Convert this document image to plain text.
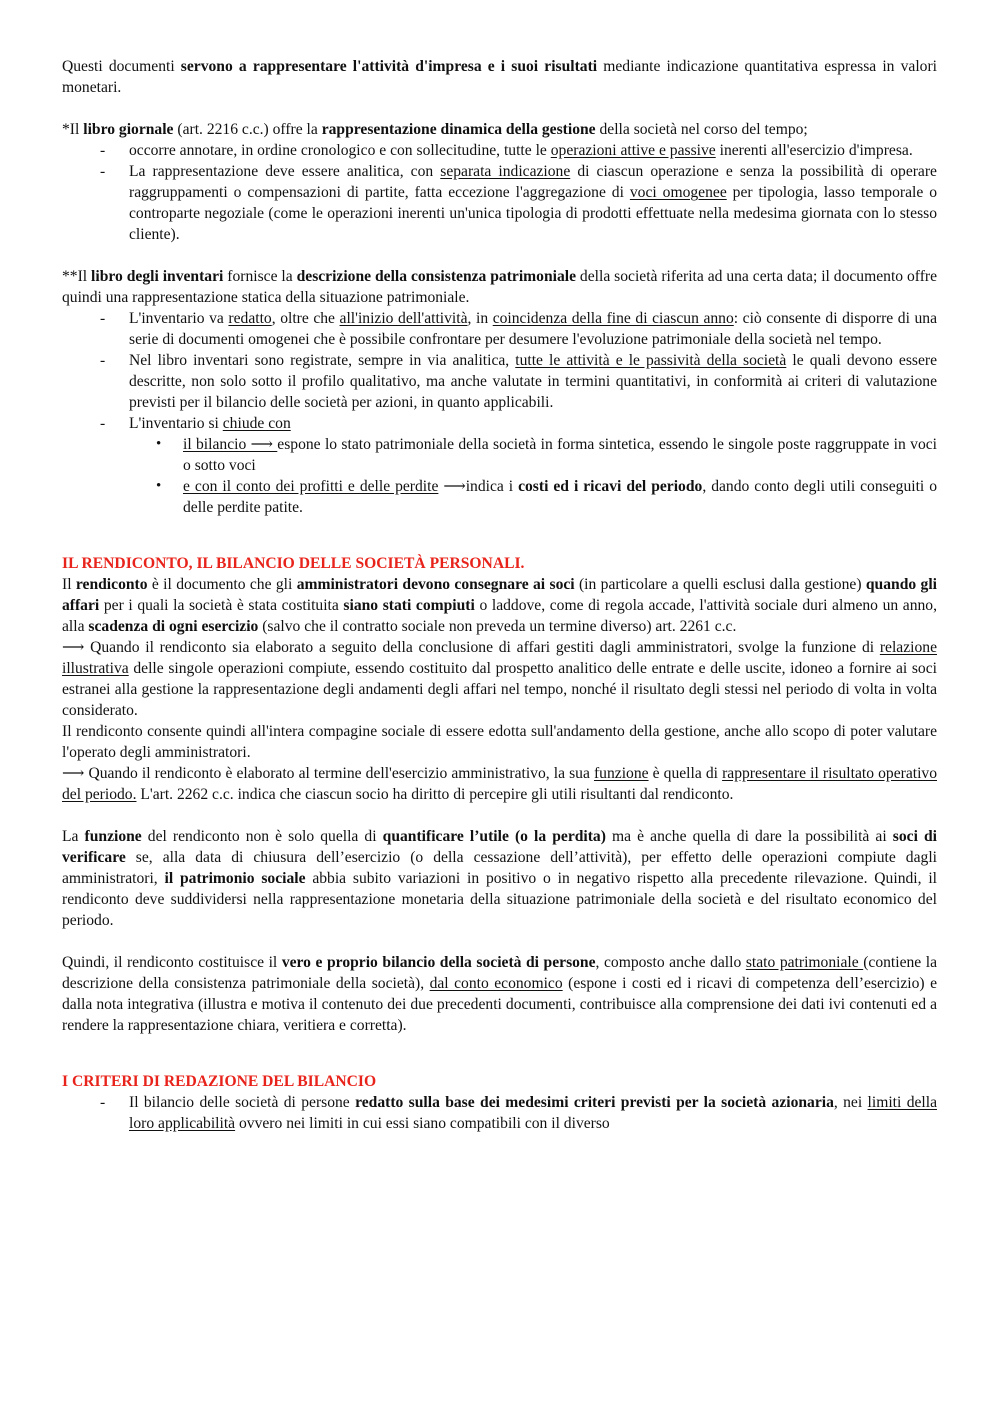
Questi documenti servono a rappresentare l'attività d'impresa e i suoi risultati mediante indicazione quantitativa espressa in valori monetari.

*Il libro giornale (art. 2216 c.c.) offre la rappresentazione dinamica della gestione della società nel corso del tempo;

- occorre annotare, in ordine cronologico e con sollecitudine, tutte le operazioni attive e passive inerenti all'esercizio d'impresa.
- La rappresentazione deve essere analitica, con separata indicazione di ciascun operazione e senza la possibilità di operare raggruppamenti o compensazioni di partite, fatta eccezione l'aggregazione di voci omogenee per tipologia, lasso temporale o controparte negoziale (come le operazioni inerenti un'unica tipologia di prodotti effettuate nella medesima giornata con lo stesso cliente).

**Il libro degli inventari fornisce la descrizione della consistenza patrimoniale della società riferita ad una certa data; il documento offre quindi una rappresentazione statica della situazione patrimoniale.

- L'inventario va redatto, oltre che all'inizio dell'attività, in coincidenza della fine di ciascun anno: ciò consente di disporre di una serie di documenti omogenei che è possibile confrontare per desumere l'evoluzione patrimoniale della società nel tempo.
- Nel libro inventari sono registrate, sempre in via analitica, tutte le attività e le passività della società le quali devono essere descritte, non solo sotto il profilo qualitativo, ma anche valutate in termini quantitativi, in conformità ai criteri di valutazione previsti per il bilancio delle società per azioni, in quanto applicabili.
- L'inventario si chiude con
• il bilancio ⟶ espone lo stato patrimoniale della società in forma sintetica, essendo le singole poste raggruppate in voci o sotto voci
• e con il conto dei profitti e delle perdite ⟶indica i costi ed i ricavi del periodo, dando conto degli utili conseguiti o delle perdite patite.

IL RENDICONTO, IL BILANCIO DELLE SOCIETÀ PERSONALI.

Il rendiconto è il documento che gli amministratori devono consegnare ai soci (in particolare a quelli esclusi dalla gestione) quando gli affari per i quali la società è stata costituita siano stati compiuti o laddove, come di regola accade, l'attività sociale duri almeno un anno, alla scadenza di ogni esercizio (salvo che il contratto sociale non preveda un termine diverso) art. 2261 c.c.

⟶ Quando il rendiconto sia elaborato a seguito della conclusione di affari gestiti dagli amministratori, svolge la funzione di relazione illustrativa delle singole operazioni compiute, essendo costituito dal prospetto analitico delle entrate e delle uscite, idoneo a fornire ai soci estranei alla gestione la rappresentazione degli andamenti degli affari nel tempo, nonché il risultato degli stessi nel periodo di volta in volta considerato.

Il rendiconto consente quindi all'intera compagine sociale di essere edotta sull'andamento della gestione, anche allo scopo di poter valutare l'operato degli amministratori.

⟶ Quando il rendiconto è elaborato al termine dell'esercizio amministrativo, la sua funzione è quella di rappresentare il risultato operativo del periodo. L'art. 2262 c.c. indica che ciascun socio ha diritto di percepire gli utili risultanti dal rendiconto.

La funzione del rendiconto non è solo quella di quantificare l’utile (o la perdita) ma è anche quella di dare la possibilità ai soci di verificare se, alla data di chiusura dell’esercizio (o della cessazione dell’attività), per effetto delle operazioni compiute dagli amministratori, il patrimonio sociale abbia subito variazioni in positivo o in negativo rispetto alla precedente rilevazione. Quindi, il rendiconto deve suddividersi nella rappresentazione monetaria della situazione patrimoniale della società e del risultato economico del periodo.

Quindi, il rendiconto costituisce il vero e proprio bilancio della società di persone, composto anche dallo stato patrimoniale (contiene la descrizione della consistenza patrimoniale della società), dal conto economico (espone i costi ed i ricavi di competenza dell’esercizio) e dalla nota integrativa (illustra e motiva il contenuto dei due precedenti documenti, contribuisce alla comprensione dei dati ivi contenuti ed a rendere la rappresentazione chiara, veritiera e corretta).

I CRITERI DI REDAZIONE DEL BILANCIO

- Il bilancio delle società di persone redatto sulla base dei medesimi criteri previsti per la società azionaria, nei limiti della loro applicabilità ovvero nei limiti in cui essi siano compatibili con il diverso
